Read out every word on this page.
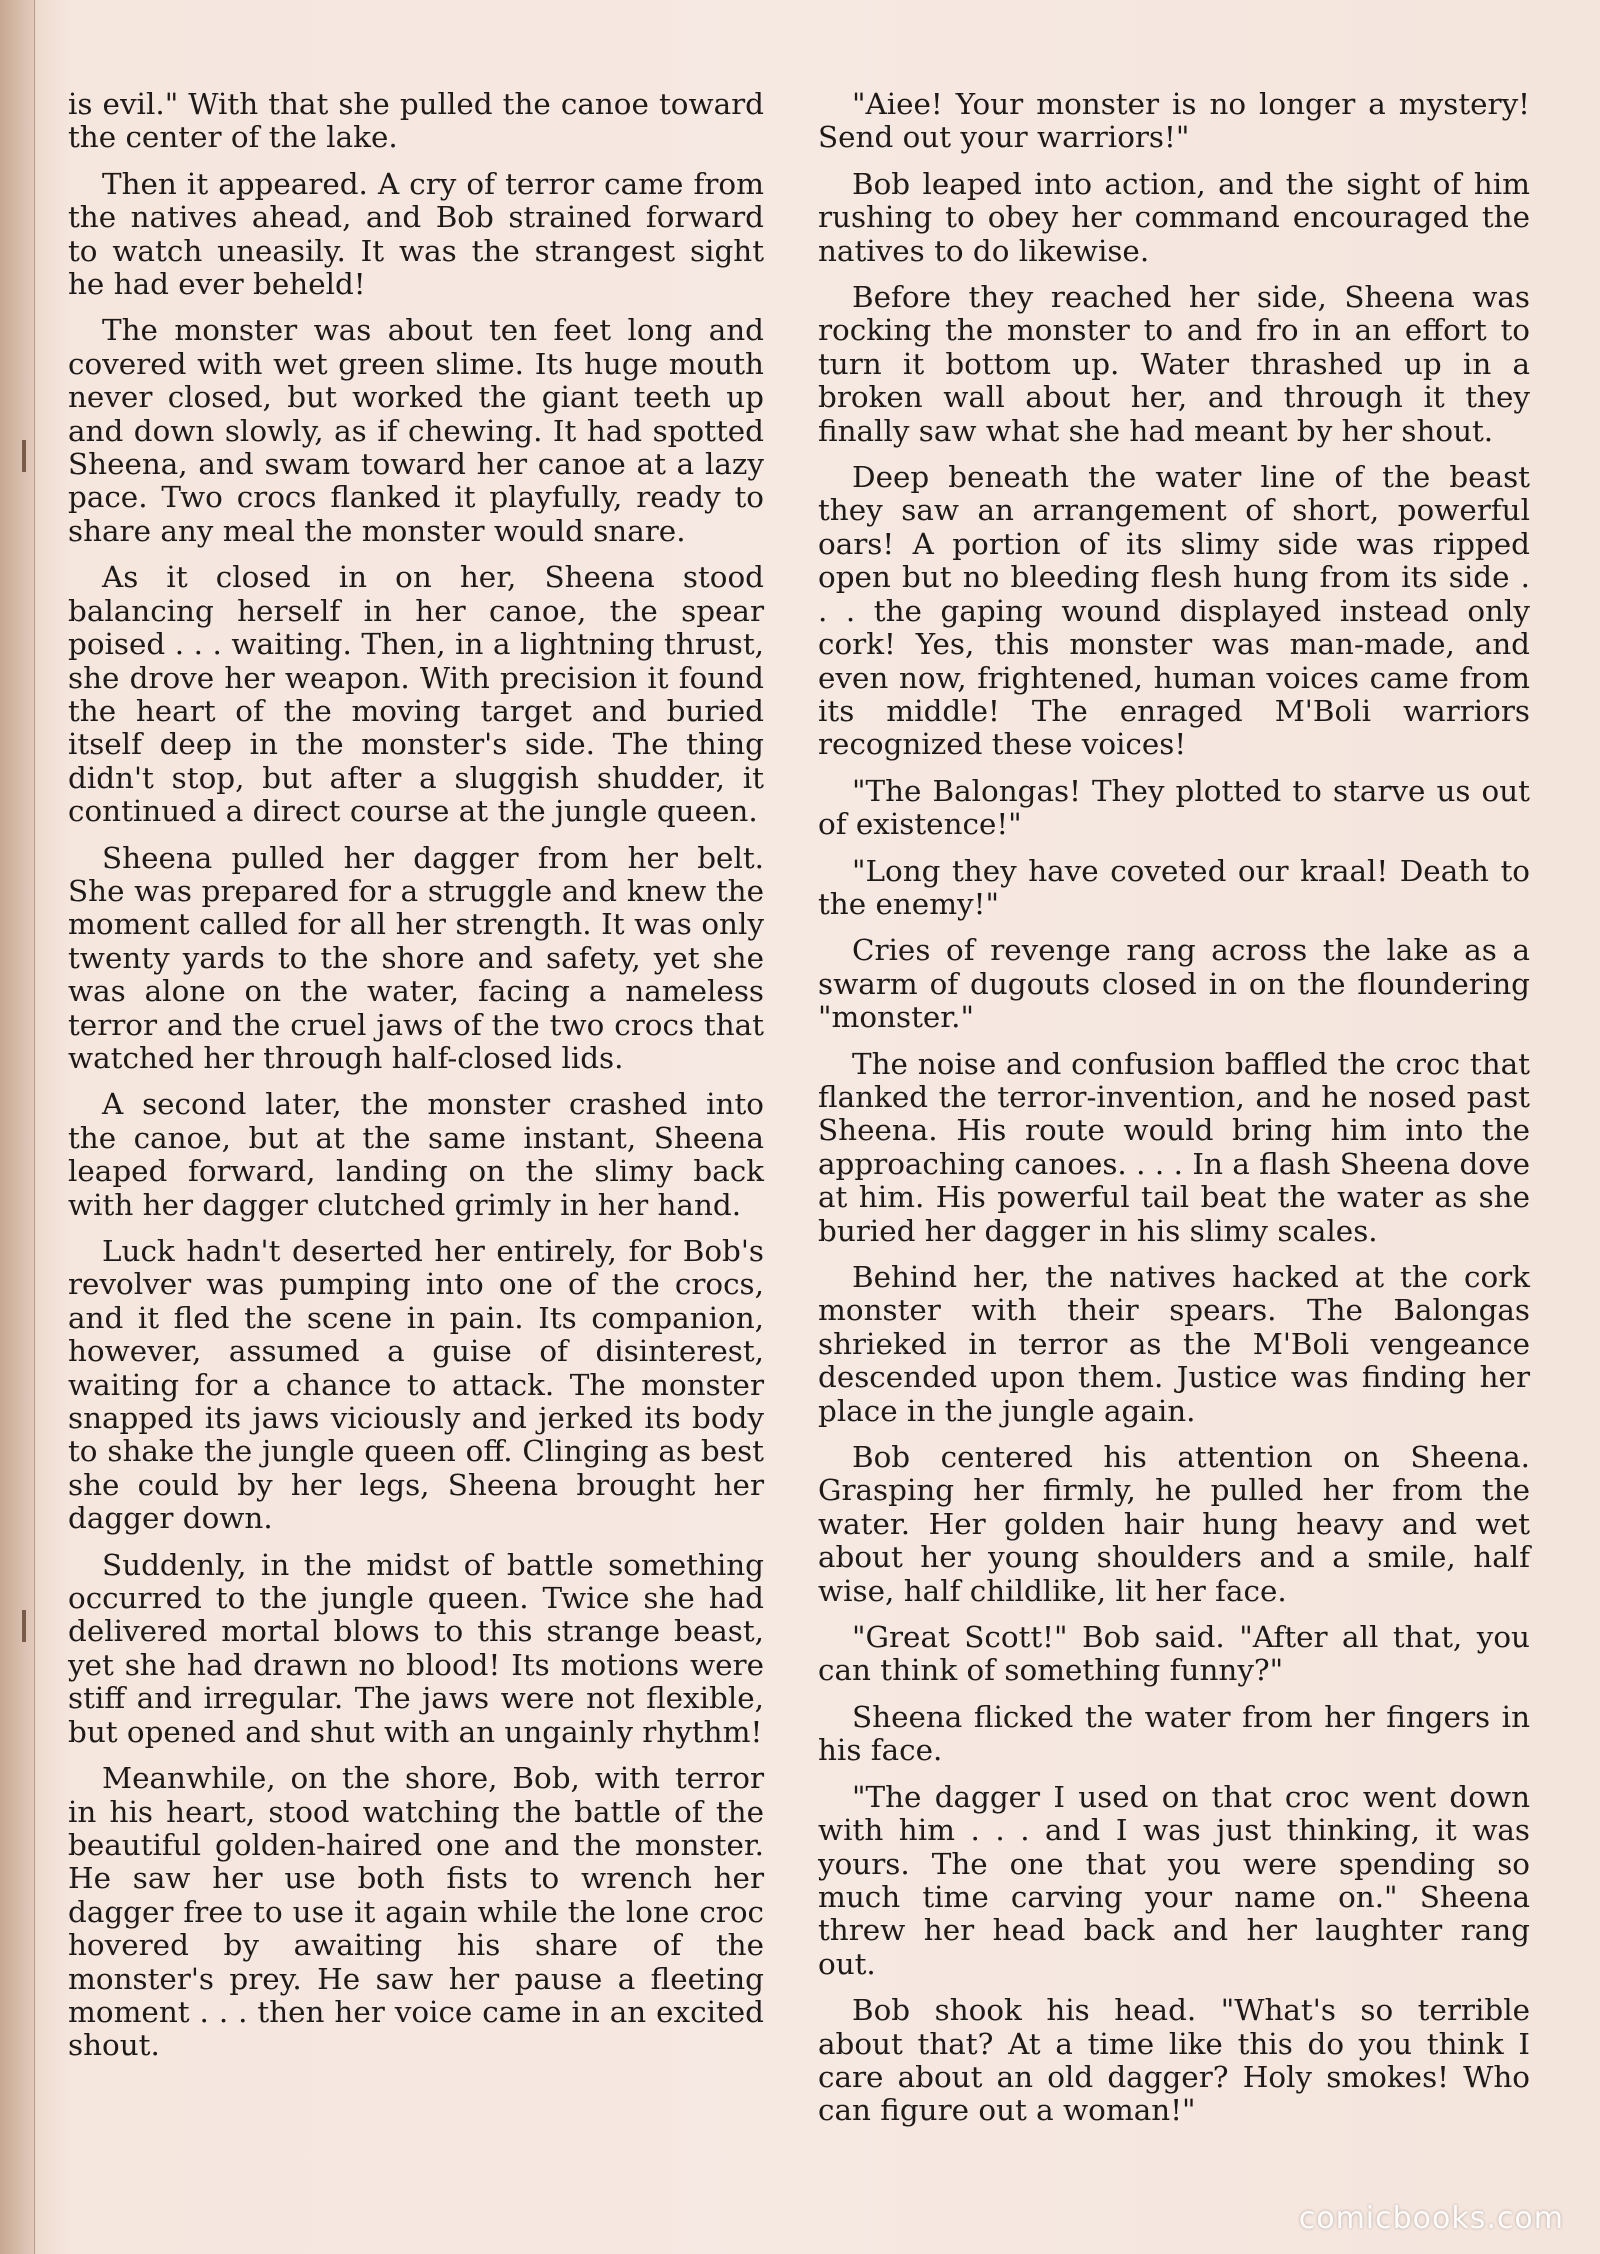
is evil." With that she pulled the canoe toward the center of the lake.

Then it appeared. A cry of terror came from the natives ahead, and Bob strained forward to watch uneasily. It was the strangest sight he had ever beheld!

The monster was about ten feet long and covered with wet green slime. Its huge mouth never closed, but worked the giant teeth up and down slowly, as if chewing. It had spotted Sheena, and swam toward her canoe at a lazy pace. Two crocs flanked it playfully, ready to share any meal the monster would snare.

As it closed in on her, Sheena stood balancing herself in her canoe, the spear poised . . . waiting. Then, in a lightning thrust, she drove her weapon. With precision it found the heart of the moving target and buried itself deep in the monster's side. The thing didn't stop, but after a sluggish shudder, it continued a direct course at the jungle queen.

Sheena pulled her dagger from her belt. She was prepared for a struggle and knew the moment called for all her strength. It was only twenty yards to the shore and safety, yet she was alone on the water, facing a nameless terror and the cruel jaws of the two crocs that watched her through half-closed lids.

A second later, the monster crashed into the canoe, but at the same instant, Sheena leaped forward, landing on the slimy back with her dagger clutched grimly in her hand.

Luck hadn't deserted her entirely, for Bob's revolver was pumping into one of the crocs, and it fled the scene in pain. Its companion, however, assumed a guise of disinterest, waiting for a chance to attack. The monster snapped its jaws viciously and jerked its body to shake the jungle queen off. Clinging as best she could by her legs, Sheena brought her dagger down.

Suddenly, in the midst of battle something occurred to the jungle queen. Twice she had delivered mortal blows to this strange beast, yet she had drawn no blood! Its motions were stiff and irregular. The jaws were not flexible, but opened and shut with an ungainly rhythm!

Meanwhile, on the shore, Bob, with terror in his heart, stood watching the battle of the beautiful golden-haired one and the monster. He saw her use both fists to wrench her dagger free to use it again while the lone croc hovered by awaiting his share of the monster's prey. He saw her pause a fleeting moment . . . then her voice came in an excited shout.

"Aiee! Your monster is no longer a mystery! Send out your warriors!"

Bob leaped into action, and the sight of him rushing to obey her command encouraged the natives to do likewise.

Before they reached her side, Sheena was rocking the monster to and fro in an effort to turn it bottom up. Water thrashed up in a broken wall about her, and through it they finally saw what she had meant by her shout.

Deep beneath the water line of the beast they saw an arrangement of short, powerful oars! A portion of its slimy side was ripped open but no bleeding flesh hung from its side . . . the gaping wound displayed instead only cork! Yes, this monster was man-made, and even now, frightened, human voices came from its middle! The enraged M'Boli warriors recognized these voices!

"The Balongas! They plotted to starve us out of existence!"

"Long they have coveted our kraal! Death to the enemy!"

Cries of revenge rang across the lake as a swarm of dugouts closed in on the floundering "monster."

The noise and confusion baffled the croc that flanked the terror-invention, and he nosed past Sheena. His route would bring him into the approaching canoes. . . . In a flash Sheena dove at him. His powerful tail beat the water as she buried her dagger in his slimy scales.

Behind her, the natives hacked at the cork monster with their spears. The Balongas shrieked in terror as the M'Boli vengeance descended upon them. Justice was finding her place in the jungle again.

Bob centered his attention on Sheena. Grasping her firmly, he pulled her from the water. Her golden hair hung heavy and wet about her young shoulders and a smile, half wise, half childlike, lit her face.

"Great Scott!" Bob said. "After all that, you can think of something funny?"

Sheena flicked the water from her fingers in his face.

"The dagger I used on that croc went down with him . . . and I was just thinking, it was yours. The one that you were spending so much time carving your name on." Sheena threw her head back and her laughter rang out.

Bob shook his head. "What's so terrible about that? At a time like this do you think I care about an old dagger? Holy smokes! Who can figure out a woman!"

comicbooks.com
